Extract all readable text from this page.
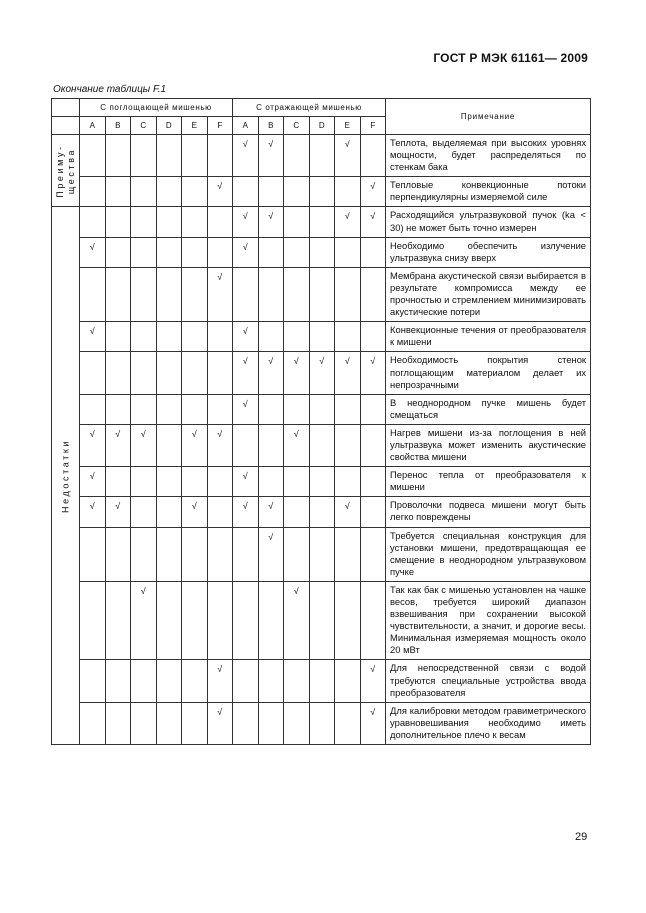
ГОСТ Р МЭК 61161— 2009
Окончание таблицы F.1
	С поглощающей мишенью						С отражающей мишенью						Примечание
	A	B	C	D	E	F	A	B	C	D	E	F	

Преиму-
щества							√	√			√		Теплота, выделяемая при высоких уровнях мощности, будет распределяться по стенкам бака
						√						√	Тепловые конвекционные потоки перпендикулярны измеряемой силе

Недостатки							√	√			√	√	Расходящийся ультразвуковой пучок (ka < 30) не может быть точно измерен
	√						√						Необходимо обеспечить излучение ультразвука снизу вверх
						√							Мембрана акустической связи выбирается в результате компромисса между ее прочностью и стремлением минимизировать акустические потери
	√						√						Конвекционные течения от преобразователя к мишени
							√	√	√	√	√	√	Необходимость покрытия стенок поглощающим материалом делает их непрозрачными
							√						В неоднородном пучке мишень будет смещаться
	√	√	√		√	√			√				Нагрев мишени из-за поглощения в ней ультразвука может изменить акустические свойства мишени
	√						√						Перенос тепла от преобразователя к мишени
	√	√			√		√	√			√		Проволочки подвеса мишени могут быть легко повреждены
								√					Требуется специальная конструкция для установки мишени, предотвращающая ее смещение в неоднородном ультразвуковом пучке
			√						√				Так как бак с мишенью установлен на чашке весов, требуется широкий диапазон взвешивания при сохранении высокой чувствительности, а значит, и дорогие весы. Минимальная измеряемая мощность около 20 мВт
						√						√	Для непосредственной связи с водой требуются специальные устройства ввода преобразователя
						√						√	Для калибровки методом гравиметрического уравновешивания необходимо иметь дополнительное плечо к весам
29
